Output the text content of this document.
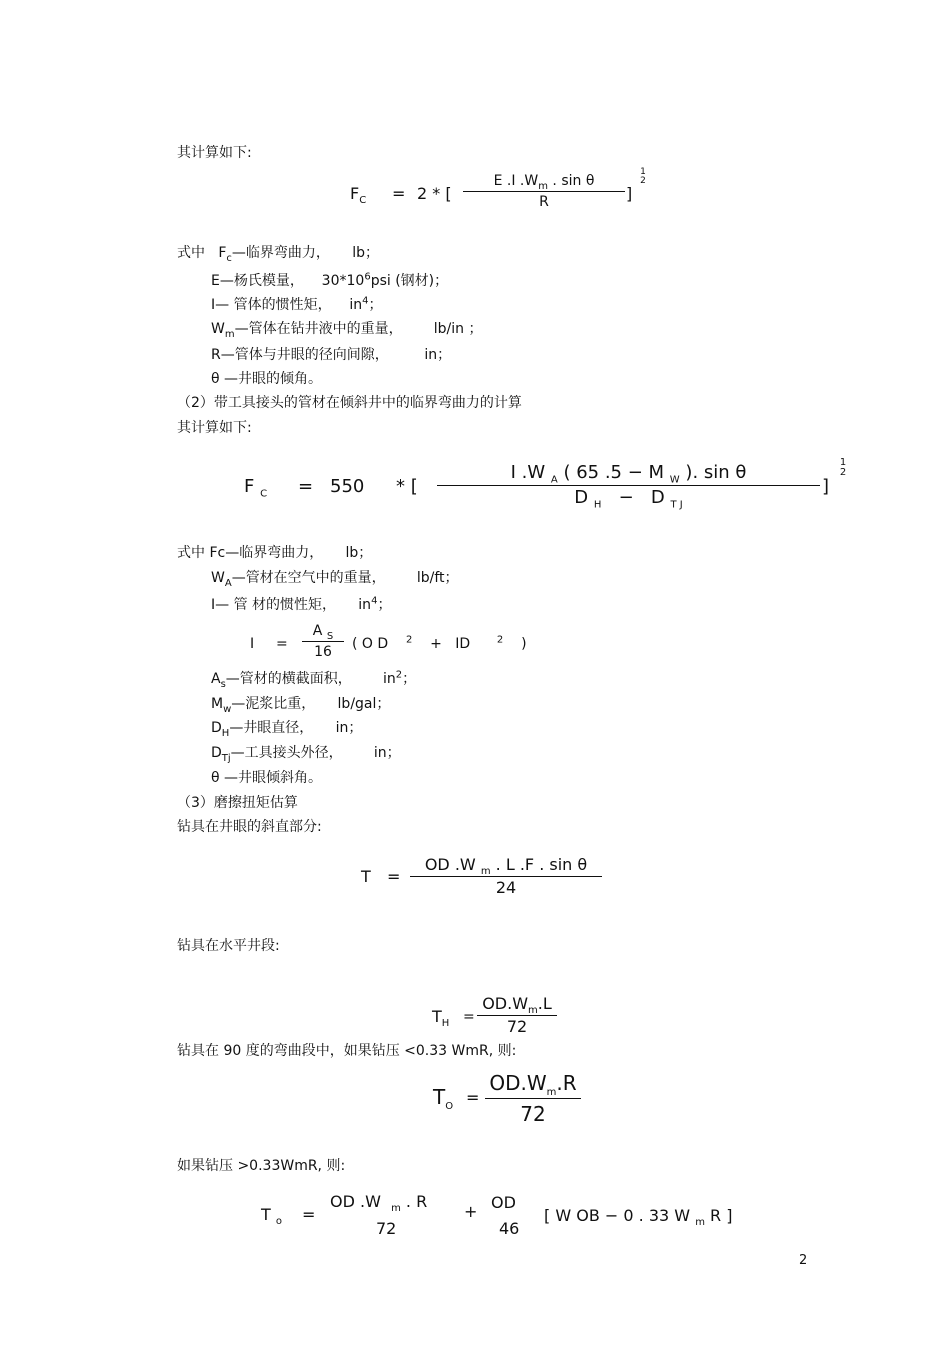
其计算如下:
$F_C = 2$ * [
E .I $.W_m$ . sin θ
R	]
1
2
式中 $F_c—$临界弯曲力， lb；
E—杨氏模量， $30*10^6psi$ (钢材)；
I— 管体的惯性矩， $in^4$；
$W_m—$管体在钻井液中的重量， lb/in ；
R—管体与井眼的径向间隙，	in；
θ —井眼的倾角。
（2）带工具接头的管材在倾斜井中的临界弯曲力的计算
其计算如下:
F $_C$ = 550 * [
I .W $_A$ ( 65 .5 − M $_W$ ). sin θ
D $_H$ − D $_{T J}$
]
1
2
式中 Fc—临界弯曲力， lb；
$W_A—$管材在空气中的重量， lb/ft；
I— 管 材的惯性矩， $in^4$；
I =
A $_S$
16	( O D $^2$ + ID	$^2$ )
$A_s—$管材的横截面积， $in^2$；
$M_w—$泥浆比重， lb/gal；
$D_H—$井眼直径， in；
$D_{Tj}—$工具接头外径， in；
θ —井眼倾斜角。
（3）磨擦扭矩估算
钻具在井眼的斜直部分:
T =
OD .W $_m$ . L .F . sin θ
24
钻具在水平井段:
$T_H$ =
$OD.W_m.L$
72
钻具在 90 度的弯曲段中，如果钻压 <0.33 WmR, 则:
$T_O$ =
$OD.W_m.R$
72
如果钻压 >0.33WmR, 则:
T $_o$ =
OD .W $_m$ . R
72
+ OD
46
[ W OB − 0 . 33 W $_m$ R ]
2
